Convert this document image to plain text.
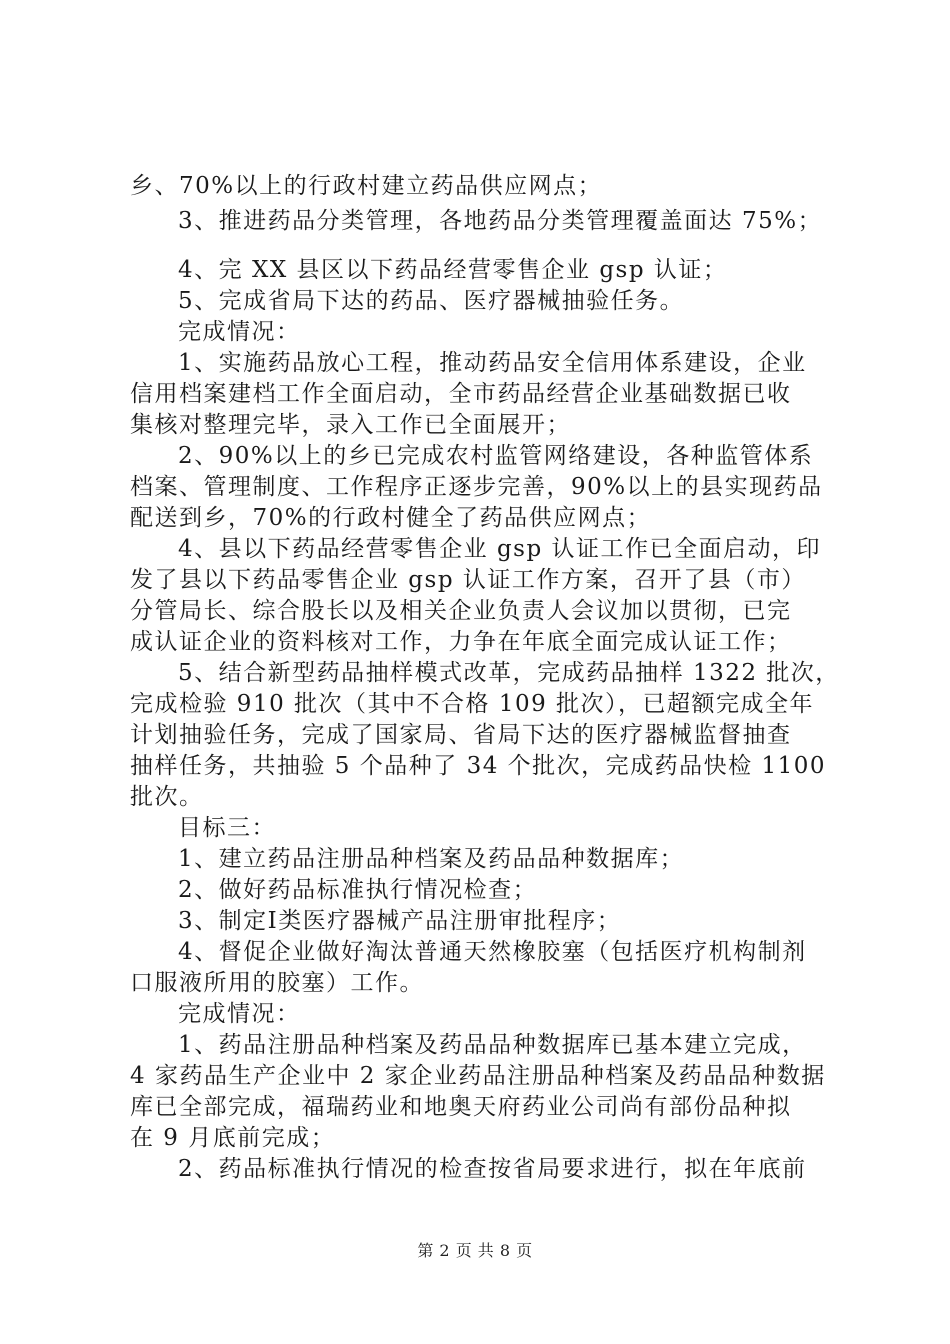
乡、70%以上的行政村建立药品供应网点；
3、推进药品分类管理，各地药品分类管理覆盖面达 75%；
4、完 XX 县区以下药品经营零售企业 gsp 认证；
5、完成省局下达的药品、医疗器械抽验任务。
完成情况：
1、实施药品放心工程，推动药品安全信用体系建设，企业
信用档案建档工作全面启动，全市药品经营企业基础数据已收
集核对整理完毕，录入工作已全面展开；
2、90%以上的乡已完成农村监管网络建设，各种监管体系
档案、管理制度、工作程序正逐步完善，90%以上的县实现药品
配送到乡，70%的行政村健全了药品供应网点；
4、县以下药品经营零售企业 gsp 认证工作已全面启动，印
发了县以下药品零售企业 gsp 认证工作方案，召开了县（市）
分管局长、综合股长以及相关企业负责人会议加以贯彻，已完
成认证企业的资料核对工作，力争在年底全面完成认证工作；
5、结合新型药品抽样模式改革，完成药品抽样 1322 批次，
完成检验 910 批次（其中不合格 109 批次），已超额完成全年
计划抽验任务，完成了国家局、省局下达的医疗器械监督抽查
抽样任务，共抽验 5 个品种了 34 个批次，完成药品快检 1100
批次。
目标三：
1、建立药品注册品种档案及药品品种数据库；
2、做好药品标准执行情况检查；
3、制定Ⅰ类医疗器械产品注册审批程序；
4、督促企业做好淘汰普通天然橡胶塞（包括医疗机构制剂
口服液所用的胶塞）工作。
完成情况：
1、药品注册品种档案及药品品种数据库已基本建立完成，
4 家药品生产企业中 2 家企业药品注册品种档案及药品品种数据
库已全部完成，福瑞药业和地奥天府药业公司尚有部份品种拟
在 9 月底前完成；
2、药品标准执行情况的检查按省局要求进行，拟在年底前
第 2 页 共 8 页
